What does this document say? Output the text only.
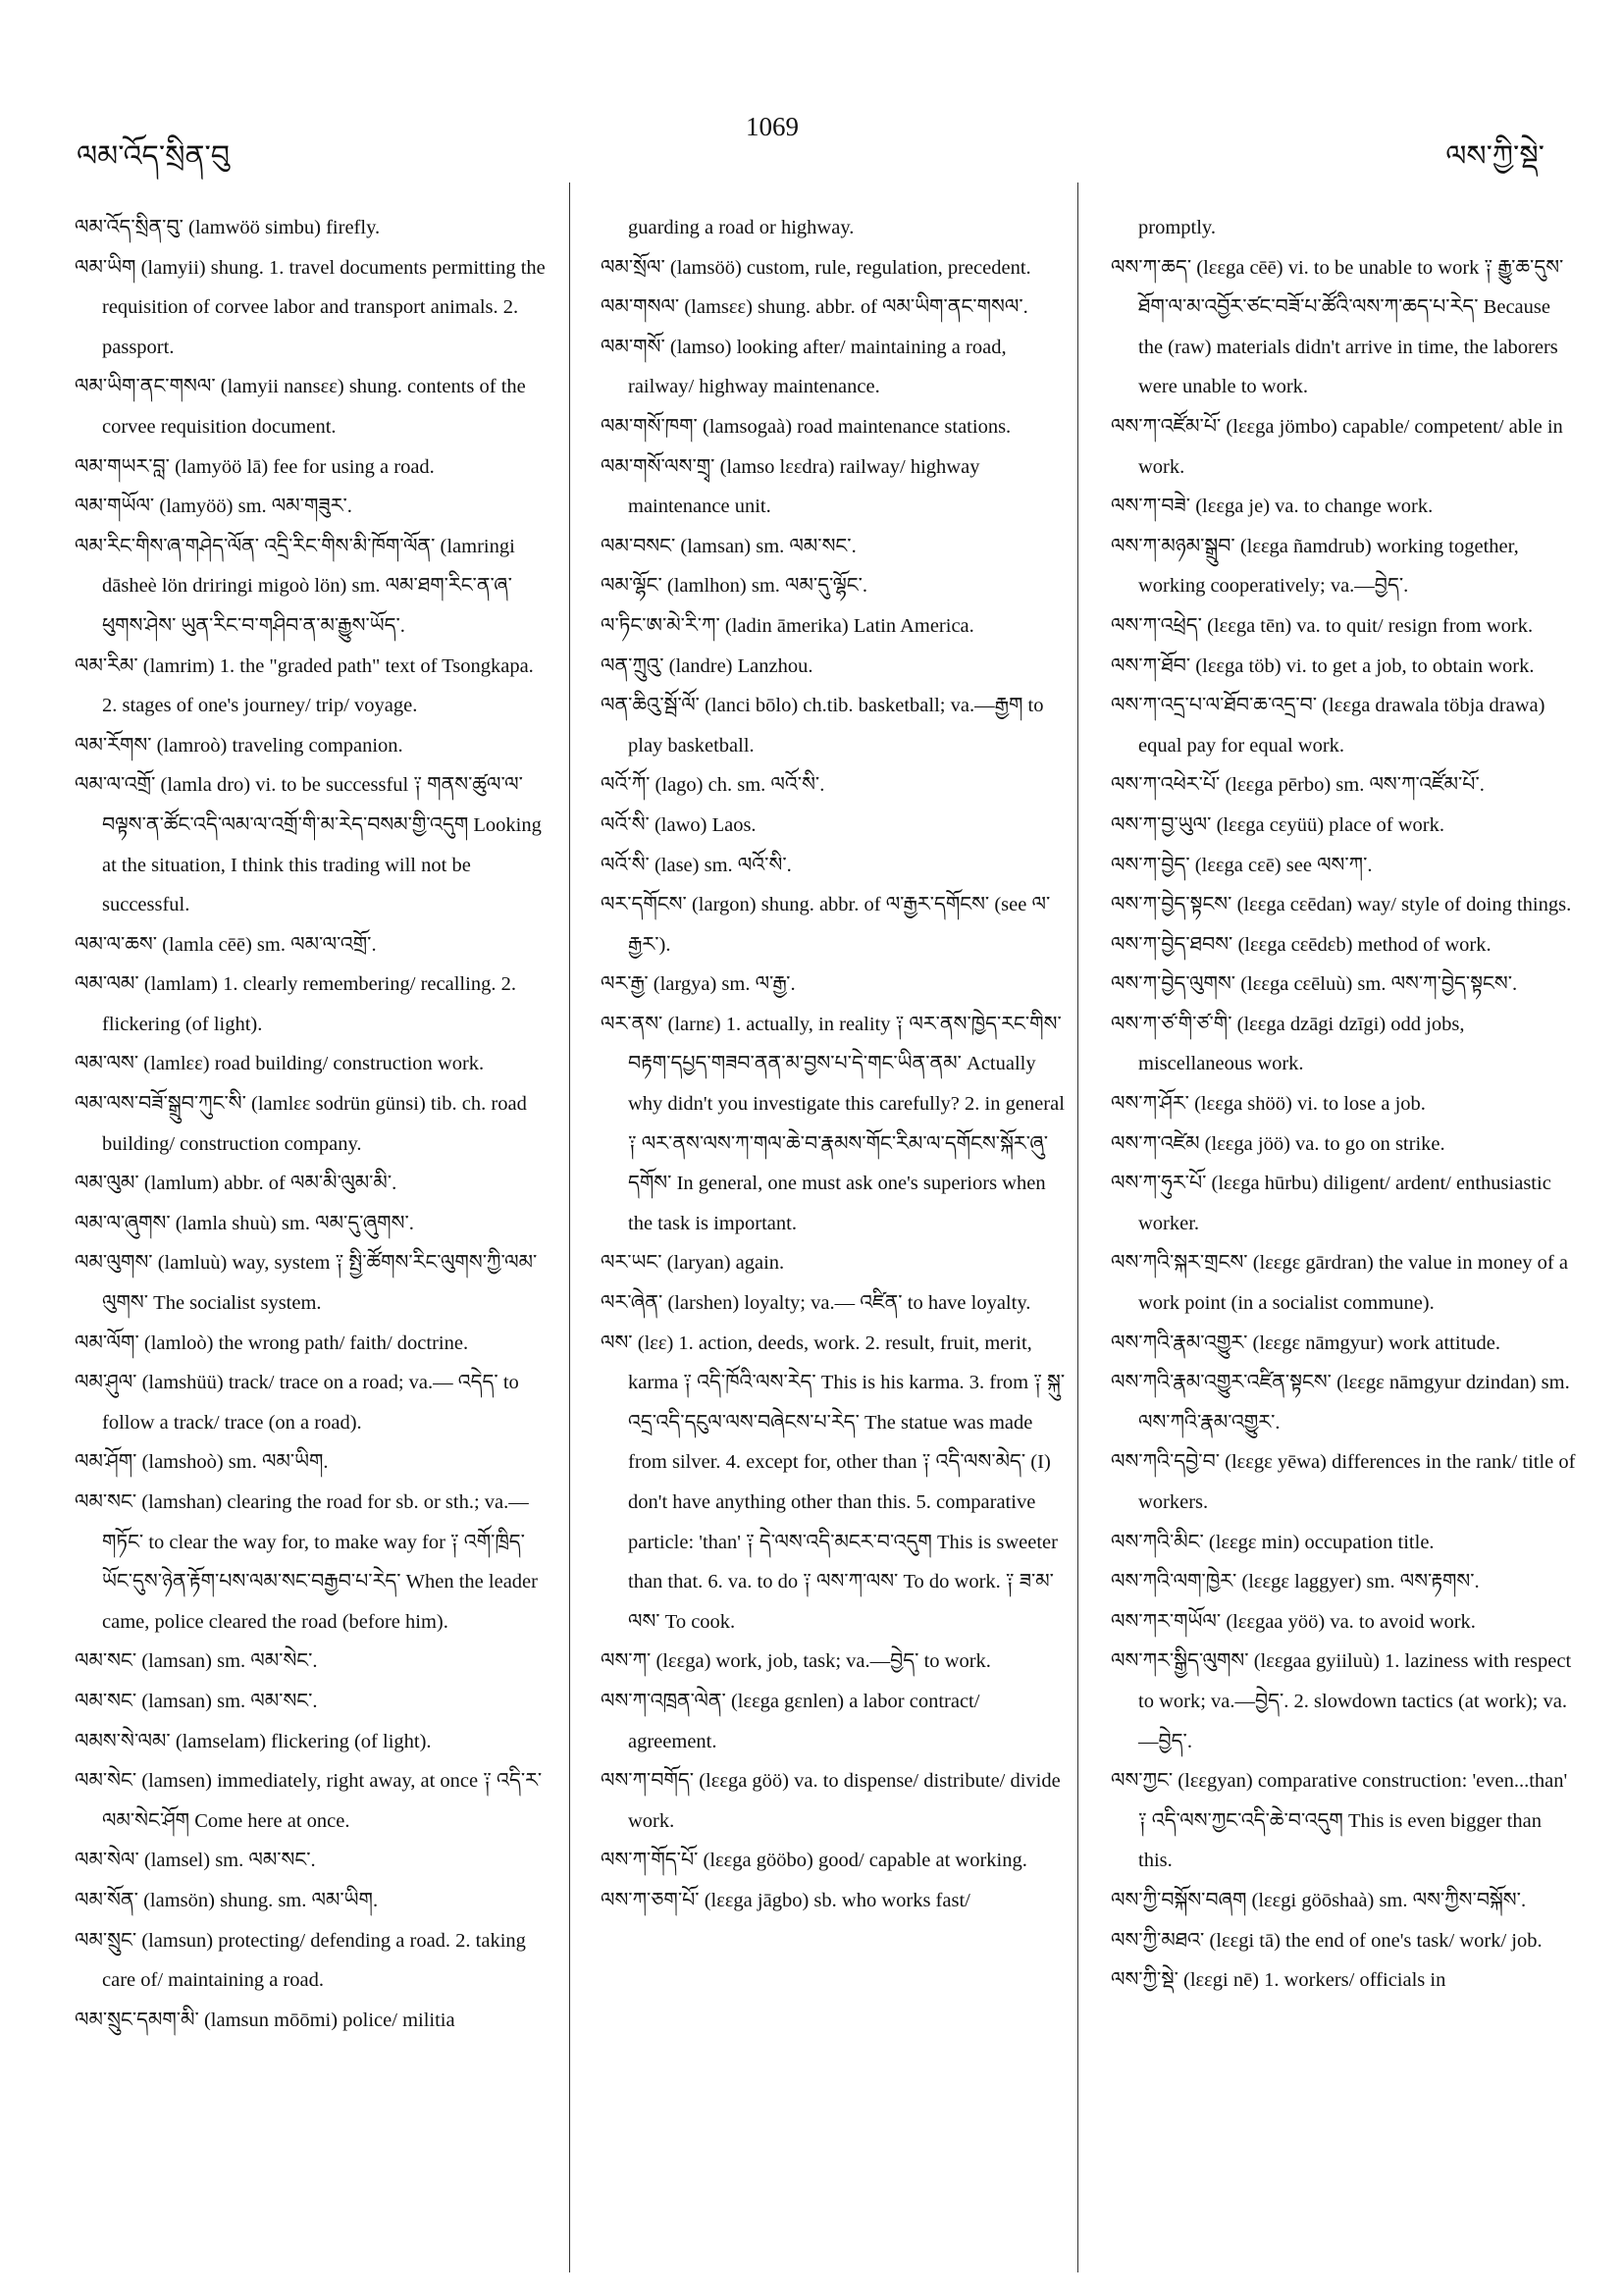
ལམ་འོད་སྲིན་བུ
1069
ལས་ཀྱི་སྡེ་

ལམ་འོད་སྲིན་བུ་ (lamwöö simbu) firefly.

ལམ་ཡིག (lamyii) shung. 1. travel documents permitting the requisition of corvee labor and transport animals. 2. passport.

ལམ་ཡིག་ནང་གསལ་ (lamyii nansεε) shung. contents of the corvee requisition document.

ལམ་གཡར་བླ་ (lamyöö lā) fee for using a road.

ལམ་གཡོལ་ (lamyöö) sm. ལམ་གཟུར་.

ལམ་རིང་གིས་ཞ་གཤེད་ལོན་ འདྲི་རིང་གིས་མི་ཁོག་ལོན་ (lamringi dāsheè lön driringi migoò lön) sm. ལམ་ཐག་རིང་ན་ཞ་ཕུགས་ཤེས་ ཡུན་རིང་བ་གཤིབ་ན་མ་རྒྱུས་ཡོད་.

ལམ་རིམ་ (lamrim) 1. the "graded path" text of Tsongkapa. 2. stages of one's journey/ trip/ voyage.

ལམ་རོགས་ (lamroò) traveling companion.

ལམ་ལ་འགྲོ་ (lamla dro) vi. to be successful ༑ གནས་ཚུལ་ལ་བལྟས་ན་ཚོང་འདི་ལམ་ལ་འགྲོ་གི་མ་རེད་བསམ་གྱི་འདུག Looking at the situation, I think this trading will not be successful.

ལམ་ལ་ཆས་ (lamla cēē) sm. ལམ་ལ་འགྲོ་.

ལམ་ལམ་ (lamlam) 1. clearly remembering/ recalling. 2. flickering (of light).

ལམ་ལས་ (lamlεε) road building/ construction work.

ལམ་ལས་བཟོ་སྒྲུབ་ཀུང་སི་ (lamlεε sodrün günsi) tib. ch. road building/ construction company.

ལམ་ལུམ་ (lamlum) abbr. of ལམ་མི་ལུམ་མི་.

ལམ་ལ་ཞུགས་ (lamla shuù) sm. ལམ་དུ་ཞུགས་.

ལམ་ལུགས་ (lamluù) way, system ༑ སྤྱི་ཚོགས་རིང་ལུགས་ཀྱི་ལམ་ལུགས་ The socialist system.

ལམ་ལོག་ (lamloò) the wrong path/ faith/ doctrine.

ལམ་ཤུལ་ (lamshüü) track/ trace on a road; va.— འདེད་ to follow a track/ trace (on a road).

ལམ་ཤོག་ (lamshoò) sm. ལམ་ཡིག.

ལམ་སང་ (lamshan) clearing the road for sb. or sth.; va.—གཏོང་ to clear the way for, to make way for ༑ འགོ་ཁྲིད་ཡོང་དུས་ཉེན་རྟོག་པས་ལམ་སང་བརྒྱབ་པ་རེད་ When the leader came, police cleared the road (before him).

ལམ་སང་ (lamsan) sm. ལམ་སེང་.

ལམ་སང་ (lamsan) sm. ལམ་སང་.

ལམས་སེ་ལམ་ (lamselam) flickering (of light).

ལམ་སེང་ (lamsen) immediately, right away, at once ༑ འདི་ར་ལམ་སེང་ཤོག Come here at once.

ལམ་སེལ་ (lamsel) sm. ལམ་སང་.

ལམ་སོན་ (lamsön) shung. sm. ལམ་ཡིག.

ལམ་སྲུང་ (lamsun) protecting/ defending a road. 2. taking care of/ maintaining a road.

ལམ་སྲུང་དམག་མི་ (lamsun mōōmi) police/ militia

guarding a road or highway.

ལམ་སྲོལ་ (lamsöö) custom, rule, regulation, precedent.

ལམ་གསལ་ (lamsεε) shung. abbr. of ལམ་ཡིག་ནང་གསལ་.

ལམ་གསོ་ (lamso) looking after/ maintaining a road, railway/ highway maintenance.

ལམ་གསོ་ཁག་ (lamsogaà) road maintenance stations.

ལམ་གསོ་ལས་གྲྭ་ (lamso lεεdra) railway/ highway maintenance unit.

ལམ་བསང་ (lamsan) sm. ལམ་སང་.

ལམ་ལྷོང་ (lamlhon) sm. ལམ་དུ་ལྷོང་.

ལ་ཏིང་ཨ་མེ་རི་ཀ་ (ladin āmerika) Latin America.

ལན་ཀྲུའུ་ (landre) Lanzhou.

ལན་ཆིའུ་སྦོ་ལོ་ (lanci bōlo) ch.tib. basketball; va.—རྒྱག to play basketball.

ལའོ་ཀོ་ (lago) ch. sm. ལའོ་སི་.

ལའོ་སི་ (lawo) Laos.

ལའོ་སི་ (lase) sm. ལའོ་སི་.

ལར་དགོངས་ (largon) shung. abbr. of ལ་རྒྱར་དགོངས་ (see ལ་རྒྱར་).

ལར་རྒྱ་ (largya) sm. ལ་རྒྱ་.

ལར་ནས་ (larnε) 1. actually, in reality ༑ ལར་ནས་ཁྱེད་རང་གིས་བརྟག་དཔྱད་གཟབ་ནན་མ་བྱས་པ་དེ་གང་ཡིན་ནམ་ Actually why didn't you investigate this carefully? 2. in general ༑ ལར་ནས་ལས་ཀ་གལ་ཆེ་བ་རྣམས་གོང་རིམ་ལ་དགོངས་སྐོར་ཞུ་དགོས་ In general, one must ask one's superiors when the task is important.

ལར་ཡང་ (laryan) again.

ལར་ཞེན་ (larshen) loyalty; va.— འཛིན་ to have loyalty.

ལས་ (lεε) 1. action, deeds, work. 2. result, fruit, merit, karma ༑ འདི་ཁོའི་ལས་རེད་ This is his karma. 3. from ༑ སྐུ་འདྲ་འདི་དངུལ་ལས་བཞེངས་པ་རེད་ The statue was made from silver. 4. except for, other than ༑ འདི་ལས་མེད་ (I) don't have anything other than this. 5. comparative particle: 'than' ༑ དེ་ལས་འདི་མངར་བ་འདུག This is sweeter than that. 6. va. to do ༑ ལས་ཀ་ལས་ To do work. ༑ ཟ་མ་ལས་ To cook.

ལས་ཀ་ (lεεga) work, job, task; va.—བྱེད་ to work.

ལས་ཀ་འཁྲན་ལེན་ (lεεga gεnlen) a labor contract/ agreement.

ལས་ཀ་བགོད་ (lεεga göö) va. to dispense/ distribute/ divide work.

ལས་ཀ་གོད་པོ་ (lεεga gööbo) good/ capable at working.

ལས་ཀ་ཅག་པོ་ (lεεga jāgbo) sb. who works fast/

promptly.

ལས་ཀ་ཆད་ (lεεga cēē) vi. to be unable to work ༑ རྒྱུ་ཆ་དུས་ཐོག་ལ་མ་འབྱོར་ཙང་བཟོ་པ་ཚོའི་ལས་ཀ་ཆད་པ་རེད་ Because the (raw) materials didn't arrive in time, the laborers were unable to work.

ལས་ཀ་འཛོམ་པོ་ (lεεga jömbo) capable/ competent/ able in work.

ལས་ཀ་བཟེ་ (lεεga je) va. to change work.

ལས་ཀ་མཉམ་སྒྲུབ་ (lεεga ñamdrub) working together, working cooperatively; va.—བྱེད་.

ལས་ཀ་འཕྲེད་ (lεεga tēn) va. to quit/ resign from work.

ལས་ཀ་ཐོབ་ (lεεga töb) vi. to get a job, to obtain work.

ལས་ཀ་འདྲ་པ་ལ་ཐོབ་ཆ་འདྲ་བ་ (lεεga drawala töbja drawa) equal pay for equal work.

ལས་ཀ་འཕེར་པོ་ (lεεga pērbo) sm. ལས་ཀ་འཛོམ་པོ་.

ལས་ཀ་བྱ་ཡུལ་ (lεεga cεyüü) place of work.

ལས་ཀ་བྱེད་ (lεεga cεē) see ལས་ཀ་.

ལས་ཀ་བྱེད་སྟངས་ (lεεga cεēdan) way/ style of doing things.

ལས་ཀ་བྱེད་ཐབས་ (lεεga cεēdεb) method of work.

ལས་ཀ་བྱེད་ལུགས་ (lεεga cεēluù) sm. ལས་ཀ་བྱེད་སྟངས་.

ལས་ཀ་ཙ་གི་ཙ་གི་ (lεεga dzāgi dzīgi) odd jobs, miscellaneous work.

ལས་ཀ་ཤོར་ (lεεga shöö) vi. to lose a job.

ལས་ཀ་འཛེམ (lεεga jöö) va. to go on strike.

ལས་ཀ་ཧུར་པོ་ (lεεga hūrbu) diligent/ ardent/ enthusiastic worker.

ལས་ཀའི་སྐར་གྲངས་ (lεεgε gārdran) the value in money of a work point (in a socialist commune).

ལས་ཀའི་རྣམ་འགྱུར་ (lεεgε nāmgyur) work attitude.

ལས་ཀའི་རྣམ་འགྱུར་འཛིན་སྟངས་ (lεεgε nāmgyur dzindan) sm. ལས་ཀའི་རྣམ་འགྱུར་.

ལས་ཀའི་དབྱེ་བ་ (lεεgε yēwa) differences in the rank/ title of workers.

ལས་ཀའི་མིང་ (lεεgε min) occupation title.

ལས་ཀའི་ལག་ཁྱེར་ (lεεgε laggyer) sm. ལས་རྟགས་.

ལས་ཀར་གཡོལ་ (lεεgaa yöö) va. to avoid work.

ལས་ཀར་སྒྱིད་ལུགས་ (lεεgaa gyiiluù) 1. laziness with respect to work; va.—བྱེད་. 2. slowdown tactics (at work); va.—བྱེད་.

ལས་ཀྱང་ (lεεgyan) comparative construction: 'even...than' ༑ འདི་ལས་ཀྱང་འདི་ཆེ་བ་འདུག This is even bigger than this.

ལས་ཀྱི་བསྐོས་བཞག (lεεgi göōshaà) sm. ལས་ཀྱིས་བསྐོས་.

ལས་ཀྱི་མཐའ་ (lεεgi tā) the end of one's task/ work/ job.

ལས་ཀྱི་སྡེ་ (lεεgi nē) 1. workers/ officials in
